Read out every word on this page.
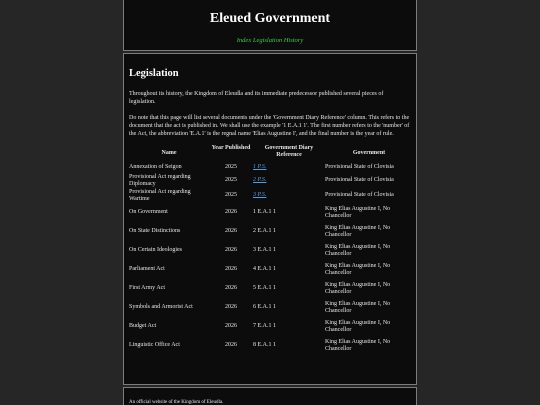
Eleued Government
Index Legislation History
Legislation

Throughout its history, the Kingdom of Eleudla and its immediate predecessor published several pieces of legislation.

Do note that this page will list several documents under the 'Government Diary Reference' column. This refers to the document that the act is published in. We shall use the example '1 E.A.1 1'. The first number refers to the 'number' of the Act, the abbreviation 'E.A.1' is the regnal name 'Elias Augustine I', and the final number is the year of rule.

Name	Year Published	Government Diary Reference	Government
Annexation of Seigon	2025	1 P.S.	Provisional State of Clovisia
Provisional Act regarding Diplomacy	2025	2 P.S.	Provisional State of Clovisia
Provisional Act regarding Wartime	2025	3 P.S.	Provisional State of Clovisia
On Government	2026	1 E.A.1 1	King Elias Augustine I, No Chancellor
On State Distinctions	2026	2 E.A.1 1	King Elias Augustine I, No Chancellor
On Certain Ideologies	2026	3 E.A.1 1	King Elias Augustine I, No Chancellor
Parliament Act	2026	4 E.A.1 1	King Elias Augustine I, No Chancellor
First Army Act	2026	5 E.A.1 1	King Elias Augustine I, No Chancellor
Symbols and Armorist Act	2026	6 E.A.1 1	King Elias Augustine I, No Chancellor
Budget Act	2026	7 E.A.1 1	King Elias Augustine I, No Chancellor
Linguistic Office Act	2026	8 E.A.1 1	King Elias Augustine I, No Chancellor
An official website of the Kingdom of Eleudla.
